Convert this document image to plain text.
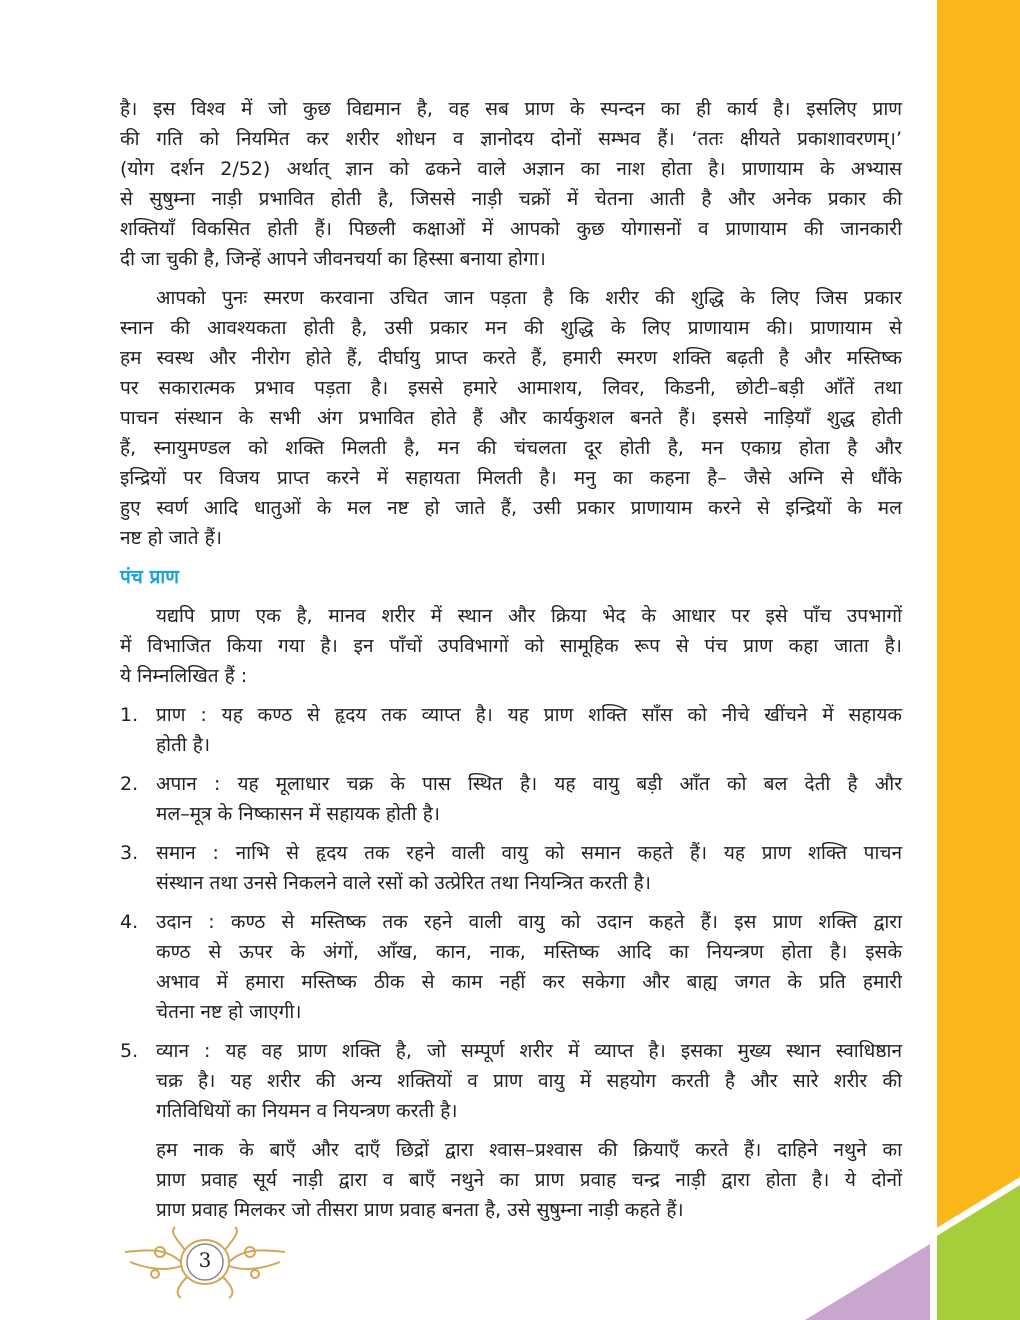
है। इस विश्व में जो कुछ विद्यमान है, वह सब प्राण के स्पन्दन का ही कार्य है। इसलिए प्राण
की गति को नियमित कर शरीर शोधन व ज्ञानोदय दोनों सम्भव हैं। ‘ततः क्षीयते प्रकाशावरणम्।’
(योग दर्शन 2/52) अर्थात् ज्ञान को ढकने वाले अज्ञान का नाश होता है। प्राणायाम के अभ्यास
से सुषुम्ना नाड़ी प्रभावित होती है, जिससे नाड़ी चक्रों में चेतना आती है और अनेक प्रकार की
शक्तियाँ विकसित होती हैं। पिछली कक्षाओं में आपको कुछ योगासनों व प्राणायाम की जानकारी
दी जा चुकी है, जिन्हें आपने जीवनचर्या का हिस्सा बनाया होगा।
आपको पुनः स्मरण करवाना उचित जान पड़ता है कि शरीर की शुद्धि के लिए जिस प्रकार
स्नान की आवश्यकता होती है, उसी प्रकार मन की शुद्धि के लिए प्राणायाम की। प्राणायाम से
हम स्वस्थ और नीरोग होते हैं, दीर्घायु प्राप्त करते हैं, हमारी स्मरण शक्ति बढ़ती है और मस्तिष्क
पर सकारात्मक प्रभाव पड़ता है। इससे हमारे आमाशय, लिवर, किडनी, छोटी–बड़ी आँतें तथा
पाचन संस्थान के सभी अंग प्रभावित होते हैं और कार्यकुशल बनते हैं। इससे नाड़ियाँ शुद्ध होती
हैं, स्नायुमण्डल को शक्ति मिलती है, मन की चंचलता दूर होती है, मन एकाग्र होता है और
इन्द्रियों पर विजय प्राप्त करने में सहायता मिलती है। मनु का कहना है– जैसे अग्नि से धौंके
हुए स्वर्ण आदि धातुओं के मल नष्ट हो जाते हैं, उसी प्रकार प्राणायाम करने से इन्द्रियों के मल
नष्ट हो जाते हैं।
पंच प्राण
यद्यपि प्राण एक है, मानव शरीर में स्थान और क्रिया भेद के आधार पर इसे पाँच उपभागों
में विभाजित किया गया है। इन पाँचों उपविभागों को सामूहिक रूप से पंच प्राण कहा जाता है।
ये निम्नलिखित हैं :
1. प्राण : यह कण्ठ से हृदय तक व्याप्त है। यह प्राण शक्ति साँस को नीचे खींचने में सहायक
होती है।
2. अपान : यह मूलाधार चक्र के पास स्थित है। यह वायु बड़ी आँत को बल देती है और
मल–मूत्र के निष्कासन में सहायक होती है।
3. समान : नाभि से हृदय तक रहने वाली वायु को समान कहते हैं। यह प्राण शक्ति पाचन
संस्थान तथा उनसे निकलने वाले रसों को उत्प्रेरित तथा नियन्त्रित करती है।
4. उदान : कण्ठ से मस्तिष्क तक रहने वाली वायु को उदान कहते हैं। इस प्राण शक्ति द्वारा
कण्ठ से ऊपर के अंगों, आँख, कान, नाक, मस्तिष्क आदि का नियन्त्रण होता है। इसके
अभाव में हमारा मस्तिष्क ठीक से काम नहीं कर सकेगा और बाह्य जगत के प्रति हमारी
चेतना नष्ट हो जाएगी।
5. व्यान : यह वह प्राण शक्ति है, जो सम्पूर्ण शरीर में व्याप्त है। इसका मुख्य स्थान स्वाधिष्ठान
चक्र है। यह शरीर की अन्य शक्तियों व प्राण वायु में सहयोग करती है और सारे शरीर की
गतिविधियों का नियमन व नियन्त्रण करती है।
हम नाक के बाएँ और दाएँ छिद्रों द्वारा श्वास–प्रश्वास की क्रियाएँ करते हैं। दाहिने नथुने का
प्राण प्रवाह सूर्य नाड़ी द्वारा व बाएँ नथुने का प्राण प्रवाह चन्द्र नाड़ी द्वारा होता है। ये दोनों
प्राण प्रवाह मिलकर जो तीसरा प्राण प्रवाह बनता है, उसे सुषुम्ना नाड़ी कहते हैं।
3
